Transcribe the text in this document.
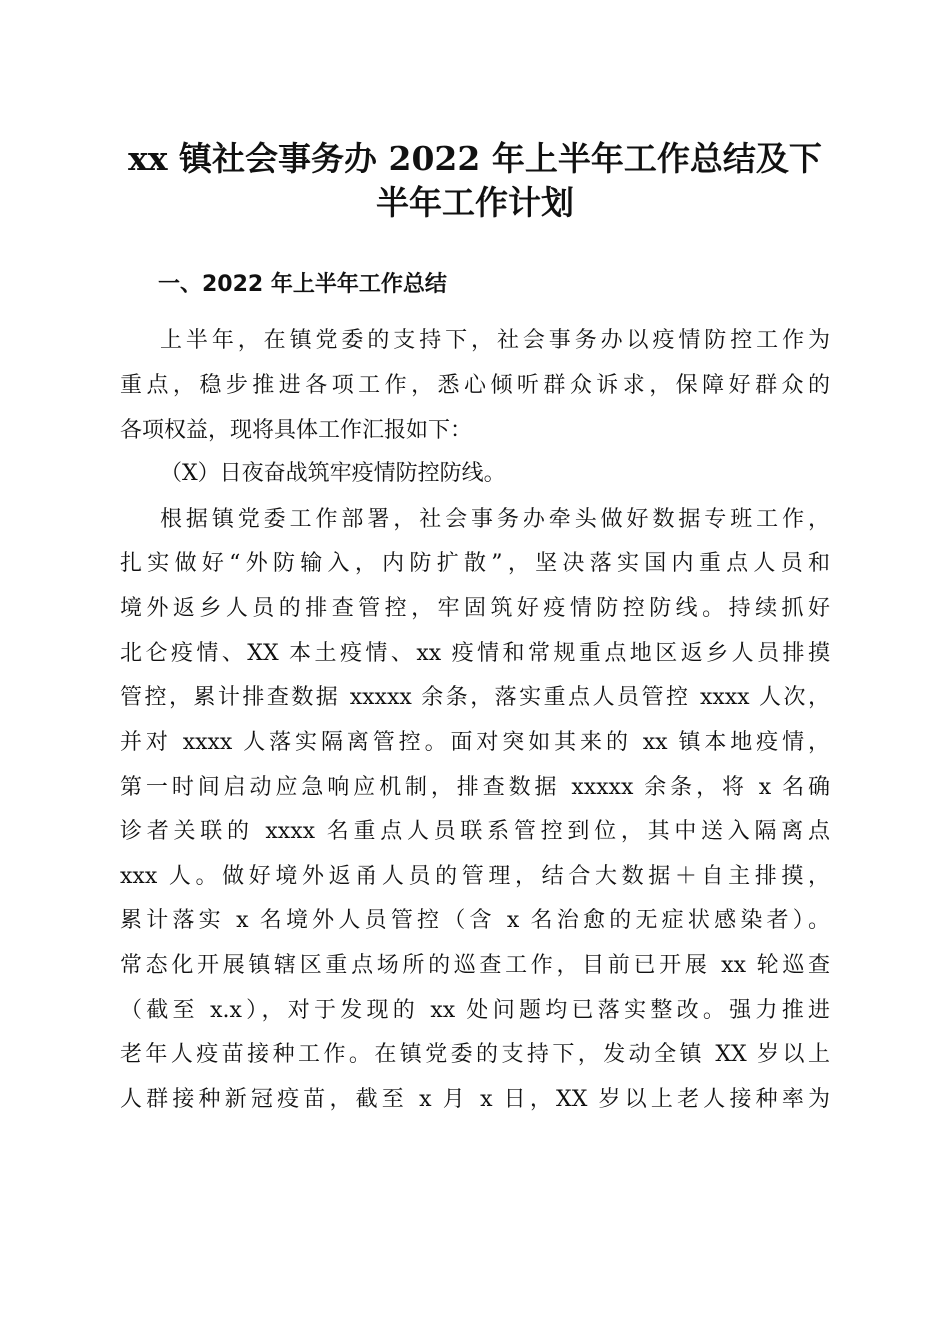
xx 镇社会事务办 2022 年上半年工作总结及下
半年工作计划

一、2022 年上半年工作总结

上半年，在镇党委的支持下，社会事务办以疫情防控工作为

重点，稳步推进各项工作，悉心倾听群众诉求，保障好群众的

各项权益，现将具体工作汇报如下：

（X）日夜奋战筑牢疫情防控防线。

根据镇党委工作部署，社会事务办牵头做好数据专班工作，

扎实做好“外防输入，内防扩散”，坚决落实国内重点人员和

境外返乡人员的排查管控，牢固筑好疫情防控防线。持续抓好

北仑疫情、XX 本土疫情、xx 疫情和常规重点地区返乡人员排摸

管控，累计排查数据 xxxxx 余条，落实重点人员管控 xxxx 人次，

并对 xxxx 人落实隔离管控。面对突如其来的 xx 镇本地疫情，

第一时间启动应急响应机制，排查数据 xxxxx 余条，将 x 名确

诊者关联的 xxxx 名重点人员联系管控到位，其中送入隔离点

xxx 人。做好境外返甬人员的管理，结合大数据＋自主排摸，

累计落实 x 名境外人员管控（含 x 名治愈的无症状感染者）。

常态化开展镇辖区重点场所的巡查工作，目前已开展 xx 轮巡查

（截至 x.x），对于发现的 xx 处问题均已落实整改。强力推进

老年人疫苗接种工作。在镇党委的支持下，发动全镇 XX 岁以上

人群接种新冠疫苗，截至 x 月 x 日，XX 岁以上老人接种率为
